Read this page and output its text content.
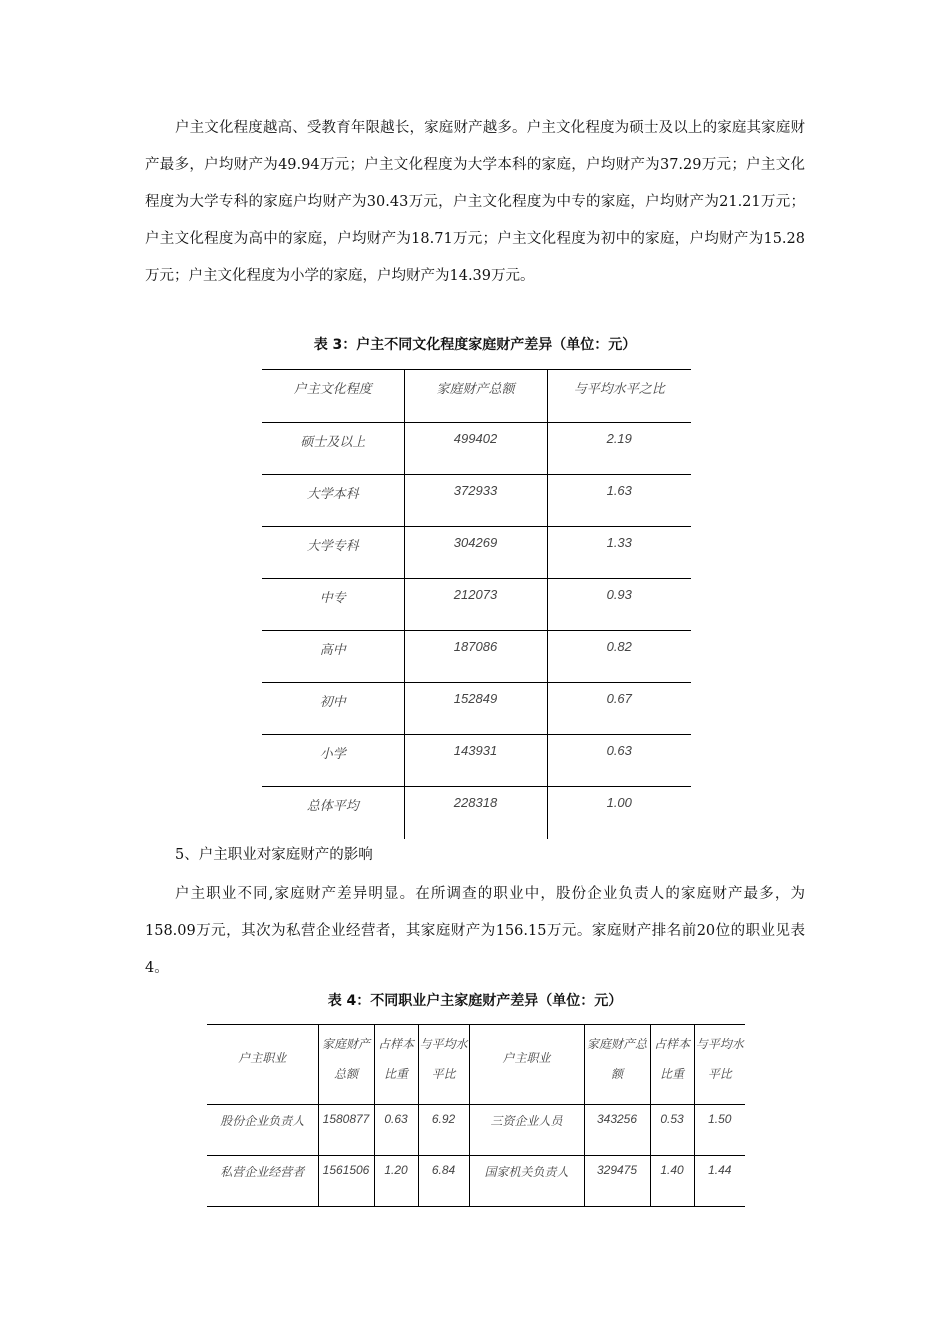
户主文化程度越高、受教育年限越长，家庭财产越多。户主文化程度为硕士及以上的家庭其家庭财产最多，户均财产为49.94万元；户主文化程度为大学本科的家庭，户均财产为37.29万元；户主文化程度为大学专科的家庭户均财产为30.43万元，户主文化程度为中专的家庭，户均财产为21.21万元；户主文化程度为高中的家庭，户均财产为18.71万元；户主文化程度为初中的家庭，户均财产为15.28万元；户主文化程度为小学的家庭，户均财产为14.39万元。

表 3：户主不同文化程度家庭财产差异（单位：元）

户主文化程度	家庭财产总额	与平均水平之比
硕士及以上	499402	2.19
大学本科	372933	1.63
大学专科	304269	1.33
中专	212073	0.93
高中	187086	0.82
初中	152849	0.67
小学	143931	0.63
总体平均	228318	1.00

5、户主职业对家庭财产的影响

户主职业不同,家庭财产差异明显。在所调查的职业中，股份企业负责人的家庭财产最多，为158.09万元，其次为私营企业经营者，其家庭财产为156.15万元。家庭财产排名前20位的职业见表4。

表 4：不同职业户主家庭财产差异（单位：元）

户主职业	家庭财产总额	占样本比重	与平均水平比	户主职业	家庭财产总额	占样本比重	与平均水平比
股份企业负责人	1580877	0.63	6.92	三资企业人员	343256	0.53	1.50
私营企业经营者	1561506	1.20	6.84	国家机关负责人	329475	1.40	1.44
